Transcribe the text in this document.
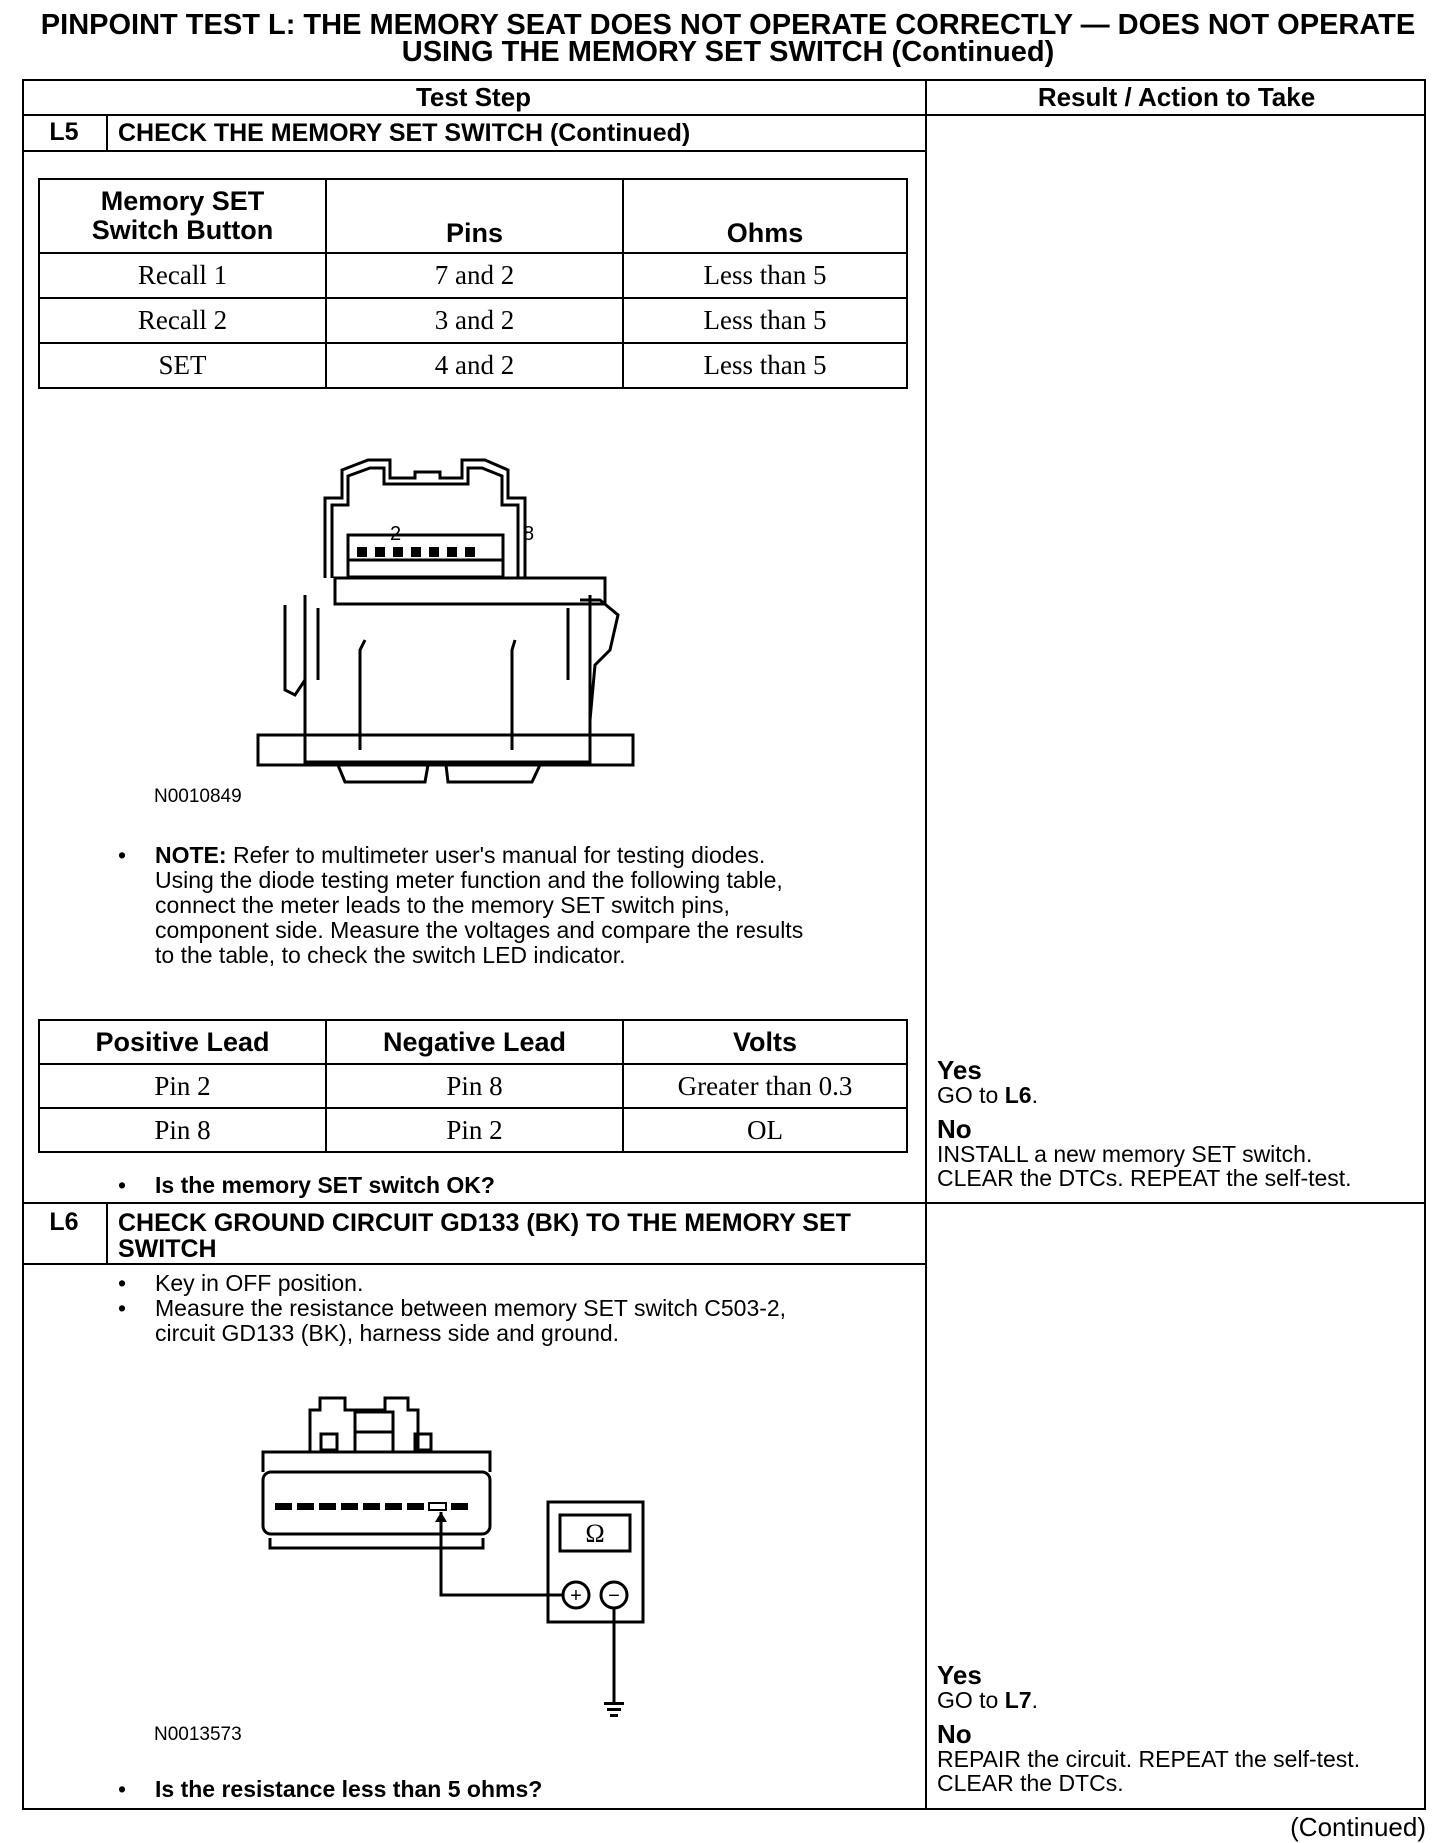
PINPOINT TEST L: THE MEMORY SEAT DOES NOT OPERATE CORRECTLY — DOES NOT OPERATE
USING THE MEMORY SET SWITCH (Continued)
Test Step	Result / Action to Take
L5	CHECK THE MEMORY SET SWITCH (Continued)
Memory SET
Switch Button	Pins	Ohms
Recall 1	7 and 2	Less than 5
Recall 2	3 and 2	Less than 5
SET	4 and 2	Less than 5
2	8
N0010849
• NOTE: Refer to multimeter user's manual for testing diodes.
Using the diode testing meter function and the following table,
connect the meter leads to the memory SET switch pins,
component side. Measure the voltages and compare the results
to the table, to check the switch LED indicator.
Positive Lead	Negative Lead	Volts
Pin 2	Pin 8	Greater than 0.3
Pin 8	Pin 2	OL
• Is the memory SET switch OK?
Yes
GO to L6.
No
INSTALL a new memory SET switch.
CLEAR the DTCs. REPEAT the self-test.
L6	CHECK GROUND CIRCUIT GD133 (BK) TO THE MEMORY SET
SWITCH
• Key in OFF position.
• Measure the resistance between memory SET switch C503-2,
circuit GD133 (BK), harness side and ground.
Ω
+ −
N0013573
• Is the resistance less than 5 ohms?
Yes
GO to L7.
No
REPAIR the circuit. REPEAT the self-test.
CLEAR the DTCs.
(Continued)
